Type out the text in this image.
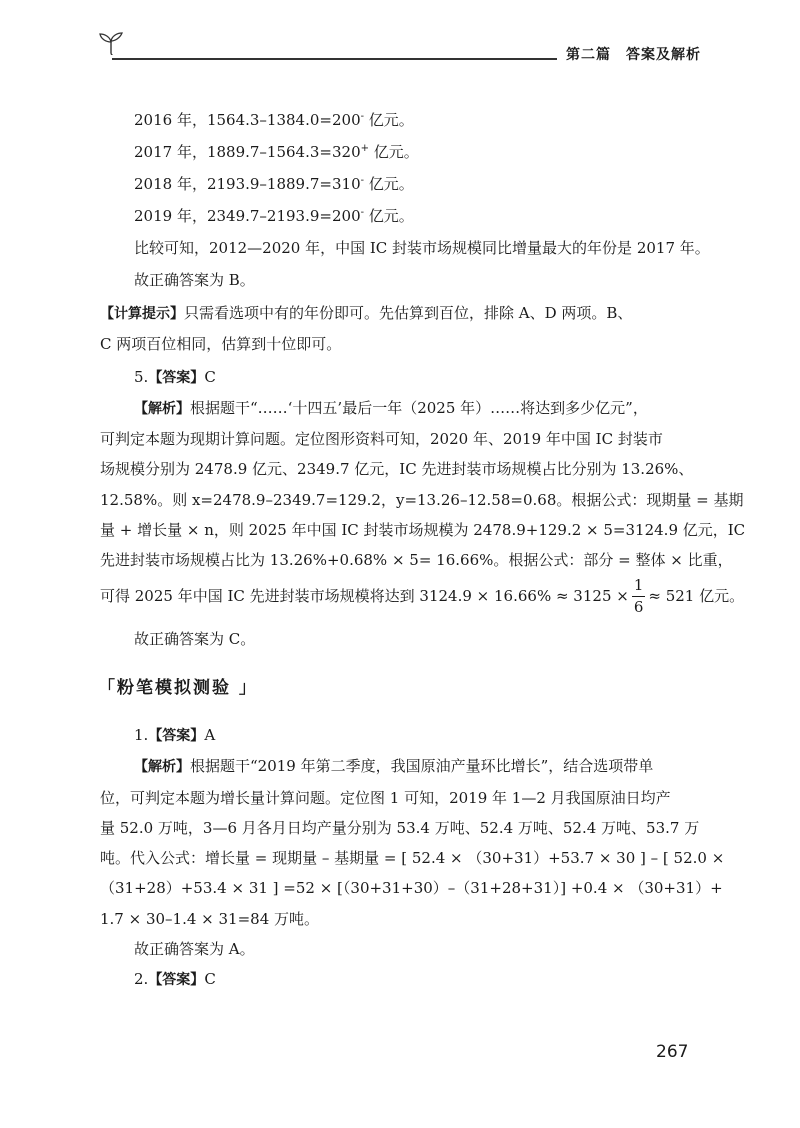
第二篇　答案及解析
2016 年，1564.3–1384.0=200- 亿元。
2017 年，1889.7–1564.3=320+ 亿元。
2018 年，2193.9–1889.7=310- 亿元。
2019 年，2349.7–2193.9=200- 亿元。
比较可知，2012—2020 年，中国 IC 封装市场规模同比增量最大的年份是 2017 年。
故正确答案为 B。
【计算提示】只需看选项中有的年份即可。先估算到百位，排除 A、D 两项。B、
C 两项百位相同，估算到十位即可。
5.【答案】C
【解析】根据题干“……‘十四五’最后一年（2025 年）……将达到多少亿元”，
可判定本题为现期计算问题。定位图形资料可知，2020 年、2019 年中国 IC 封装市
场规模分别为 2478.9 亿元、2349.7 亿元，IC 先进封装市场规模占比分别为 13.26%、
12.58%。则 x=2478.9–2349.7=129.2，y=13.26–12.58=0.68。根据公式：现期量 = 基期
量 + 增长量 × n，则 2025 年中国 IC 封装市场规模为 2478.9+129.2 × 5=3124.9 亿元，IC
先进封装市场规模占比为 13.26%+0.68% × 5= 16.66%。根据公式：部分 = 整体 × 比重，
可得 2025 年中国 IC 先进封装市场规模将达到 $3124.9 \times 16.66\% \approx 3125 \times \frac{1}{6} \approx 521$ 亿元。
故正确答案为 C。
「粉笔模拟测验 」
1.【答案】A
【解析】根据题干“2019 年第二季度，我国原油产量环比增长”，结合选项带单
位，可判定本题为增长量计算问题。定位图 1 可知，2019 年 1—2 月我国原油日均产
量 52.0 万吨，3—6 月各月日均产量分别为 53.4 万吨、52.4 万吨、52.4 万吨、53.7 万
吨。代入公式：增长量 = 现期量 – 基期量 = [ 52.4 × （30+31）+53.7 × 30 ] – [ 52.0 ×
（31+28）+53.4 × 31 ] =52 × [（30+31+30）–（31+28+31）] +0.4 × （30+31）+
1.7 × 30–1.4 × 31=84 万吨。
故正确答案为 A。
2.【答案】C
267
